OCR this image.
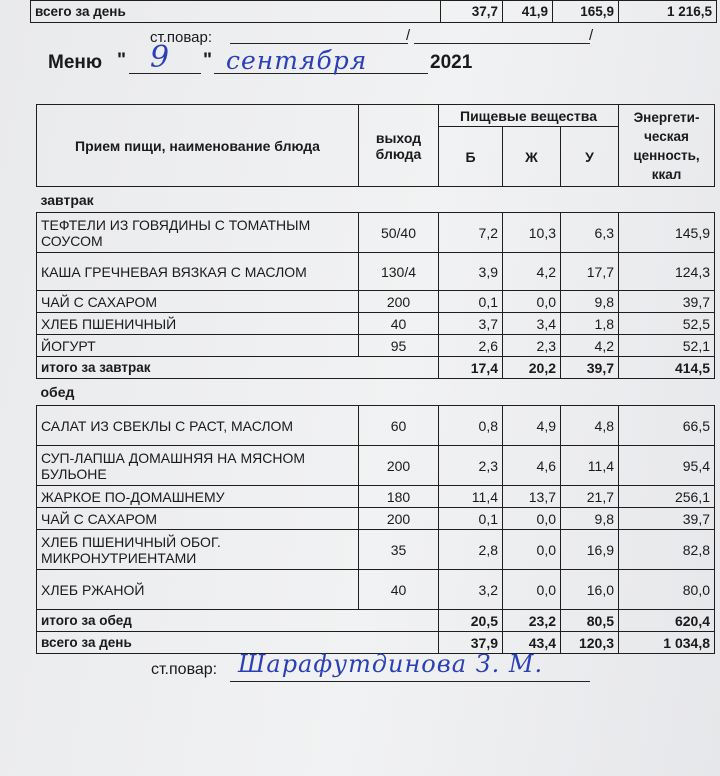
всего за день	37,7	41,9	165,9	1 216,5
ст.повар:	/	/
Меню " 9 " сентября	2021
Прием пищи, наименование блюда	выход блюда	Пищевые вещества			Энергети-ческая ценность, ккал
		Б	Ж	У	
завтрак					
ТЕФТЕЛИ ИЗ ГОВЯДИНЫ С ТОМАТНЫМ СОУСОМ	50/40	7,2	10,3	6,3	145,9
КАША ГРЕЧНЕВАЯ ВЯЗКАЯ С МАСЛОМ	130/4	3,9	4,2	17,7	124,3
ЧАЙ С САХАРОМ	200	0,1	0,0	9,8	39,7
ХЛЕБ ПШЕНИЧНЫЙ	40	3,7	3,4	1,8	52,5
ЙОГУРТ	95	2,6	2,3	4,2	52,1
итого за завтрак		17,4	20,2	39,7	414,5
обед					
САЛАТ ИЗ СВЕКЛЫ С РАСТ, МАСЛОМ	60	0,8	4,9	4,8	66,5
СУП-ЛАПША ДОМАШНЯЯ НА МЯСНОМ БУЛЬОНЕ	200	2,3	4,6	11,4	95,4
ЖАРКОЕ ПО-ДОМАШНЕМУ	180	11,4	13,7	21,7	256,1
ЧАЙ С САХАРОМ	200	0,1	0,0	9,8	39,7
ХЛЕБ ПШЕНИЧНЫЙ ОБОГ. МИКРОНУТРИЕНТАМИ	35	2,8	0,0	16,9	82,8
ХЛЕБ РЖАНОЙ	40	3,2	0,0	16,0	80,0
итого за обед		20,5	23,2	80,5	620,4
всего за день		37,9	43,4	120,3	1 034,8
ст.повар: Шарафутдинова З. М.
